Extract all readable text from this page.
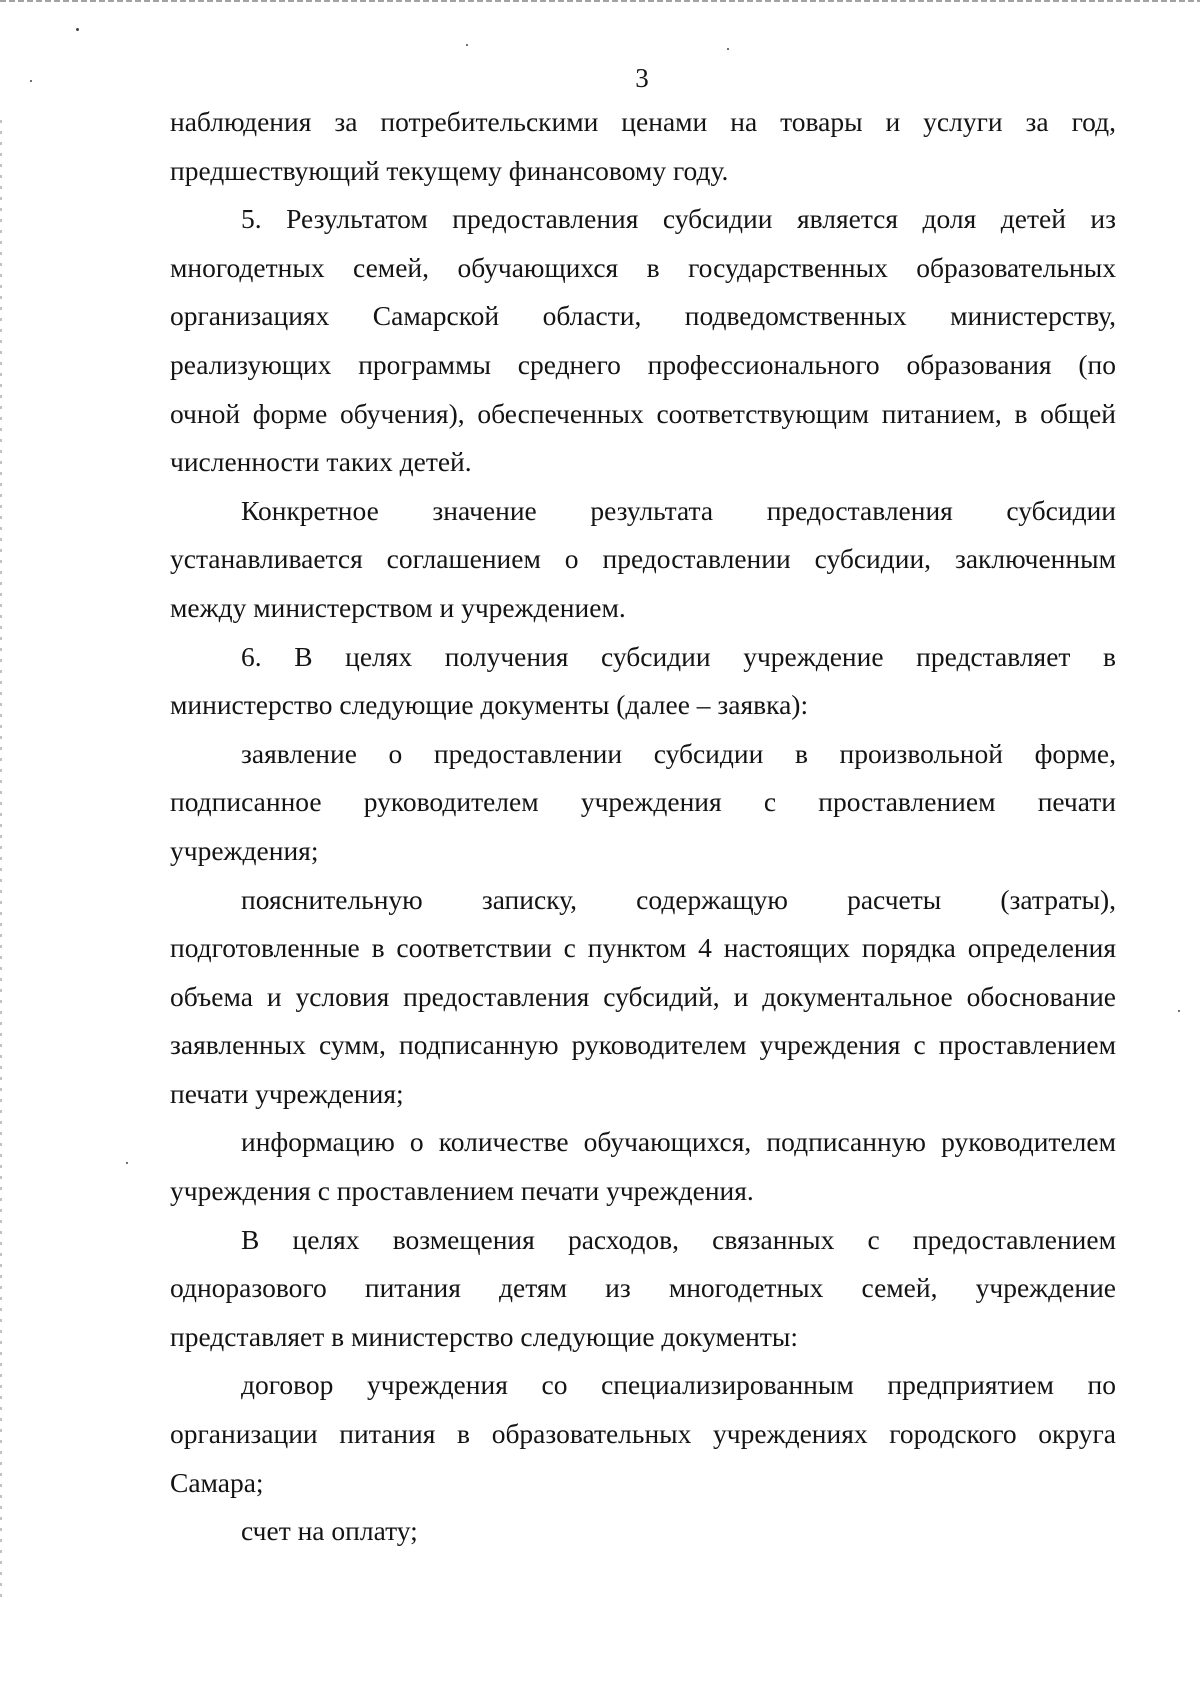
3

наблюдения за потребительскими ценами на товары и услуги за год,
предшествующий текущему финансовому году.

5. Результатом предоставления субсидии является доля детей из
многодетных семей, обучающихся в государственных образовательных
организациях Самарской области, подведомственных министерству,
реализующих программы среднего профессионального образования (по
очной форме обучения), обеспеченных соответствующим питанием, в общей
численности таких детей.

Конкретное значение результата предоставления субсидии
устанавливается соглашением о предоставлении субсидии, заключенным
между министерством и учреждением.

6. В целях получения субсидии учреждение представляет в
министерство следующие документы (далее – заявка):

заявление о предоставлении субсидии в произвольной форме,
подписанное руководителем учреждения с проставлением печати
учреждения;

пояснительную записку, содержащую расчеты (затраты),
подготовленные в соответствии с пунктом 4 настоящих порядка определения
объема и условия предоставления субсидий, и документальное обоснование
заявленных сумм, подписанную руководителем учреждения с проставлением
печати учреждения;

информацию о количестве обучающихся, подписанную руководителем
учреждения с проставлением печати учреждения.

В целях возмещения расходов, связанных с предоставлением
одноразового питания детям из многодетных семей, учреждение
представляет в министерство следующие документы:

договор учреждения со специализированным предприятием по
организации питания в образовательных учреждениях городского округа
Самара;

счет на оплату;
